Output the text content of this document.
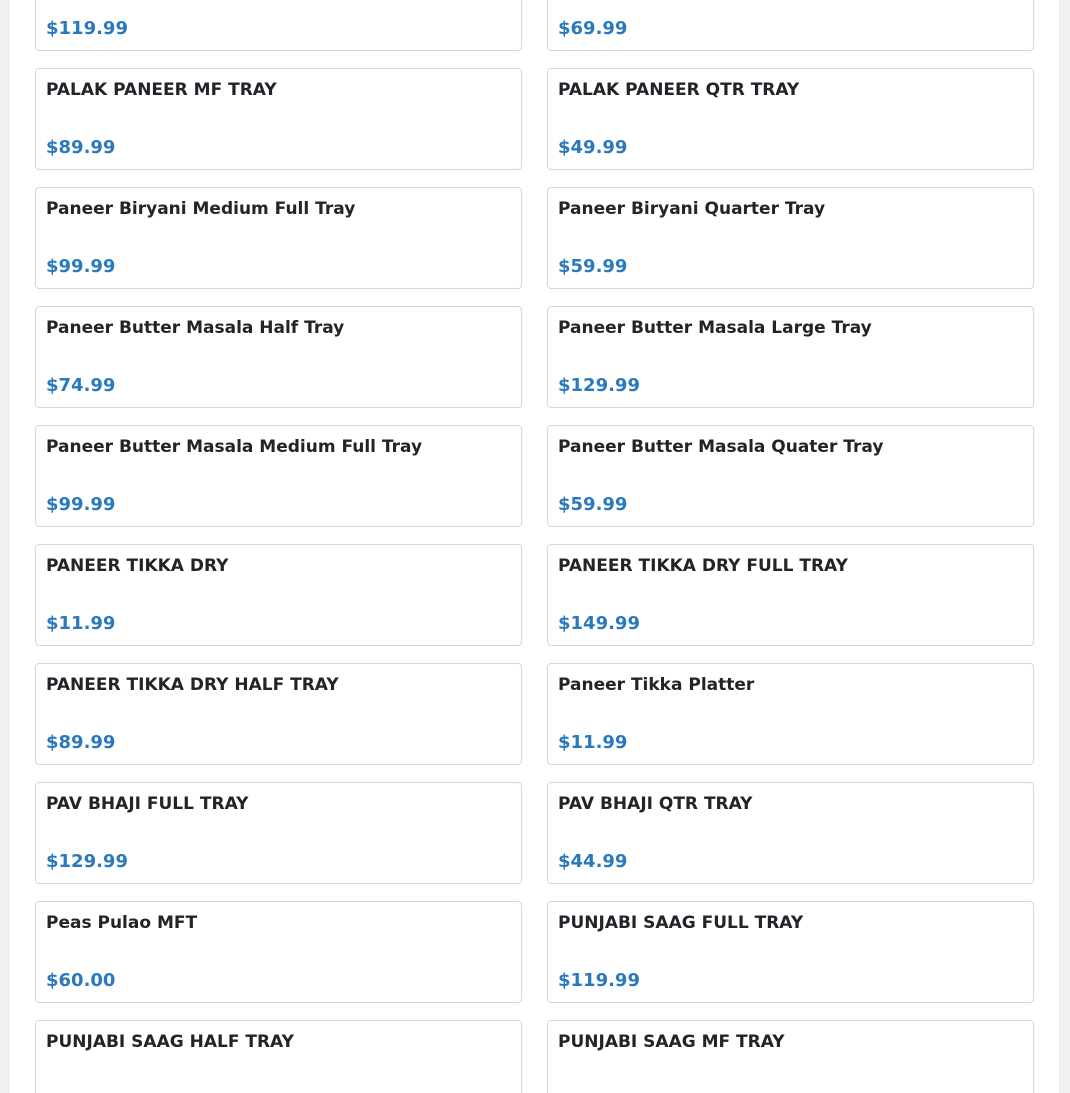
$119.99	$69.99
PALAK PANEER MF TRAY
$89.99
PALAK PANEER QTR TRAY
$49.99
Paneer Biryani Medium Full Tray
$99.99
Paneer Biryani Quarter Tray
$59.99
Paneer Butter Masala Half Tray
$74.99
Paneer Butter Masala Large Tray
$129.99
Paneer Butter Masala Medium Full Tray
$99.99
Paneer Butter Masala Quater Tray
$59.99
PANEER TIKKA DRY
$11.99
PANEER TIKKA DRY FULL TRAY
$149.99
PANEER TIKKA DRY HALF TRAY
$89.99
Paneer Tikka Platter
$11.99
PAV BHAJI FULL TRAY
$129.99
PAV BHAJI QTR TRAY
$44.99
Peas Pulao MFT
$60.00
PUNJABI SAAG FULL TRAY
$119.99
PUNJABI SAAG HALF TRAY	PUNJABI SAAG MF TRAY
